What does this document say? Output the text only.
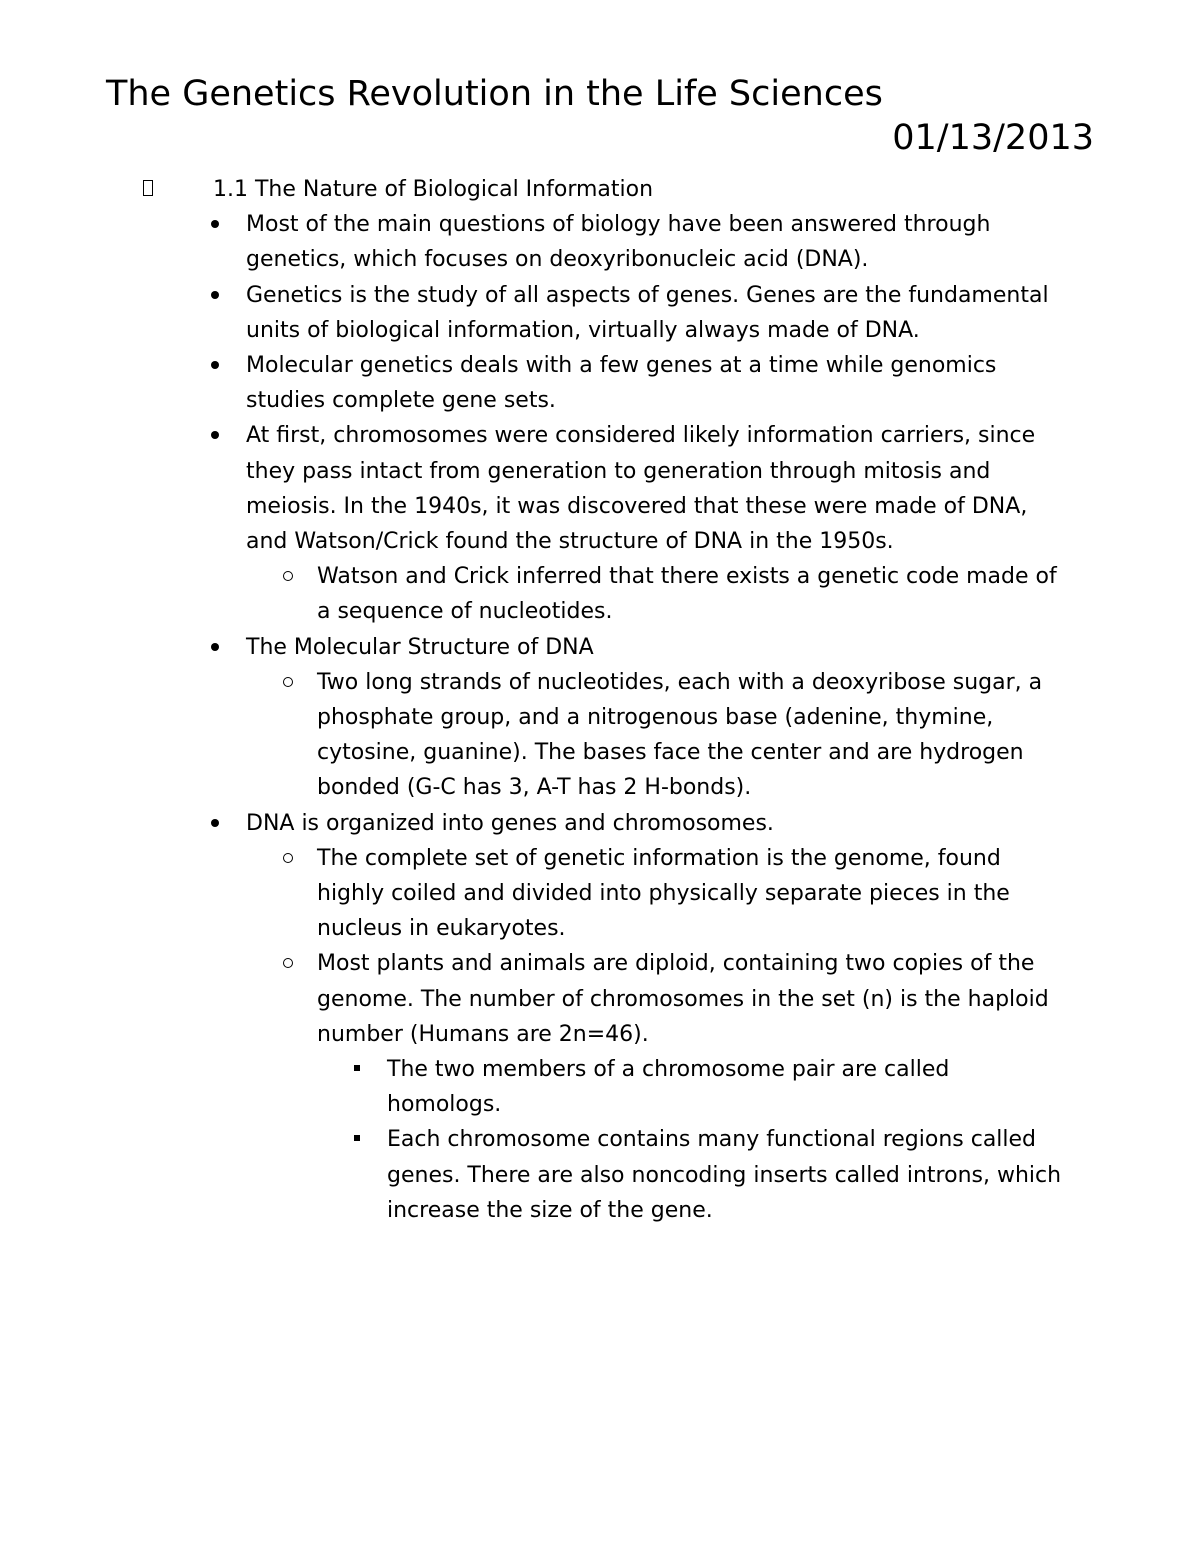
The Genetics Revolution in the Life Sciences
01/13/2013
1.1 The Nature of Biological Information
Most of the main questions of biology have been answered through genetics, which focuses on deoxyribonucleic acid (DNA).
Genetics is the study of all aspects of genes. Genes are the fundamental units of biological information, virtually always made of DNA.
Molecular genetics deals with a few genes at a time while genomics studies complete gene sets.
At first, chromosomes were considered likely information carriers, since they pass intact from generation to generation through mitosis and meiosis. In the 1940s, it was discovered that these were made of DNA, and Watson/Crick found the structure of DNA in the 1950s.
Watson and Crick inferred that there exists a genetic code made of a sequence of nucleotides.
The Molecular Structure of DNA
Two long strands of nucleotides, each with a deoxyribose sugar, a phosphate group, and a nitrogenous base (adenine, thymine, cytosine, guanine). The bases face the center and are hydrogen bonded (G-C has 3, A-T has 2 H-bonds).
DNA is organized into genes and chromosomes.
The complete set of genetic information is the genome, found highly coiled and divided into physically separate pieces in the nucleus in eukaryotes.
Most plants and animals are diploid, containing two copies of the genome. The number of chromosomes in the set (n) is the haploid number (Humans are 2n=46).
The two members of a chromosome pair are called homologs.
Each chromosome contains many functional regions called genes. There are also noncoding inserts called introns, which increase the size of the gene.
